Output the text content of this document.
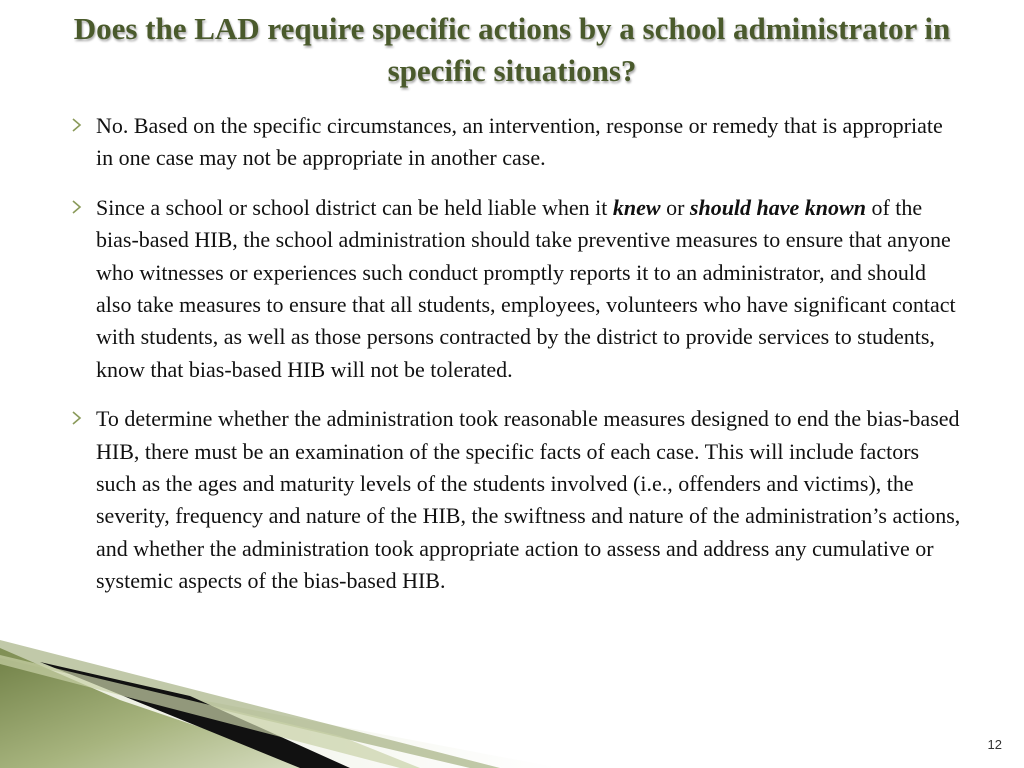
Does the LAD require specific actions by a school administrator in specific situations?
No. Based on the specific circumstances, an intervention, response or remedy that is appropriate in one case may not be appropriate in another case.
Since a school or school district can be held liable when it knew or should have known of the bias-based HIB, the school administration should take preventive measures to ensure that anyone who witnesses or experiences such conduct promptly reports it to an administrator, and should also take measures to ensure that all students, employees, volunteers who have significant contact with students, as well as those persons contracted by the district to provide services to students, know that bias-based HIB will not be tolerated.
To determine whether the administration took reasonable measures designed to end the bias-based HIB, there must be an examination of the specific facts of each case. This will include factors such as the ages and maturity levels of the students involved (i.e., offenders and victims), the severity, frequency and nature of the HIB, the swiftness and nature of the administration’s actions, and whether the administration took appropriate action to assess and address any cumulative or systemic aspects of the bias-based HIB.
12
